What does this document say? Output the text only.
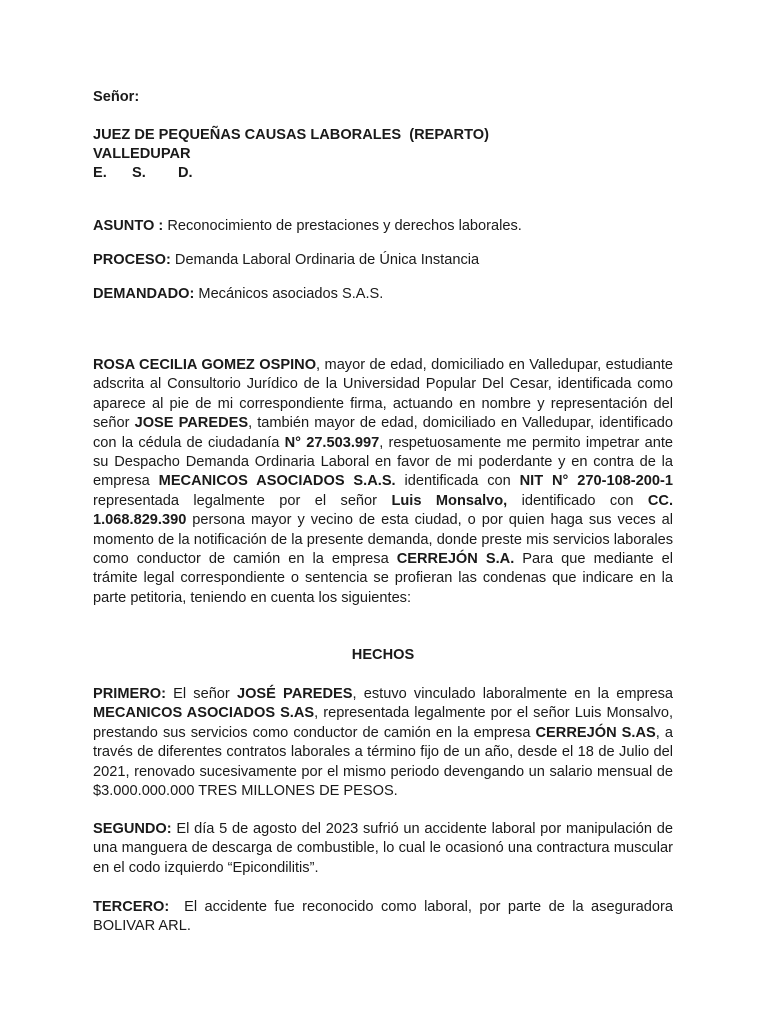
Señor:
JUEZ DE PEQUEÑAS CAUSAS LABORALES  (REPARTO)
VALLEDUPAR
E. S. D.
ASUNTO : Reconocimiento de prestaciones y derechos laborales.
PROCESO: Demanda Laboral Ordinaria de Única Instancia
DEMANDADO: Mecánicos asociados S.A.S.
ROSA CECILIA GOMEZ OSPINO, mayor de edad, domiciliado en Valledupar, estudiante adscrita al Consultorio Jurídico de la Universidad Popular Del Cesar, identificada como aparece al pie de mi correspondiente firma, actuando en nombre y representación del señor JOSE PAREDES, también mayor de edad, domiciliado en Valledupar, identificado con la cédula de ciudadanía N° 27.503.997, respetuosamente me permito impetrar ante su Despacho Demanda Ordinaria Laboral en favor de mi poderdante y en contra de la empresa MECANICOS ASOCIADOS S.A.S. identificada con NIT N° 270-108-200-1 representada legalmente por el señor Luis Monsalvo, identificado con CC. 1.068.829.390 persona mayor y vecino de esta ciudad, o por quien haga sus veces al momento de la notificación de la presente demanda, donde preste mis servicios laborales como conductor de camión en la empresa CERREJÓN S.A. Para que mediante el trámite legal correspondiente o sentencia se profieran las condenas que indicare en la parte petitoria, teniendo en cuenta los siguientes:
HECHOS
PRIMERO: El señor JOSÉ PAREDES, estuvo vinculado laboralmente en la empresa MECANICOS ASOCIADOS S.AS, representada legalmente por el señor Luis Monsalvo, prestando sus servicios como conductor de camión en la empresa CERREJÓN S.AS, a través de diferentes contratos laborales a término fijo de un año, desde el 18 de Julio del 2021, renovado sucesivamente por el mismo periodo devengando un salario mensual de $3.000.000.000 TRES MILLONES DE PESOS.
SEGUNDO: El día 5 de agosto del 2023 sufrió un accidente laboral por manipulación de una manguera de descarga de combustible, lo cual le ocasionó una contractura muscular en el codo izquierdo “Epicondilitis”.
TERCERO:  El accidente fue reconocido como laboral, por parte de la aseguradora BOLIVAR ARL.
